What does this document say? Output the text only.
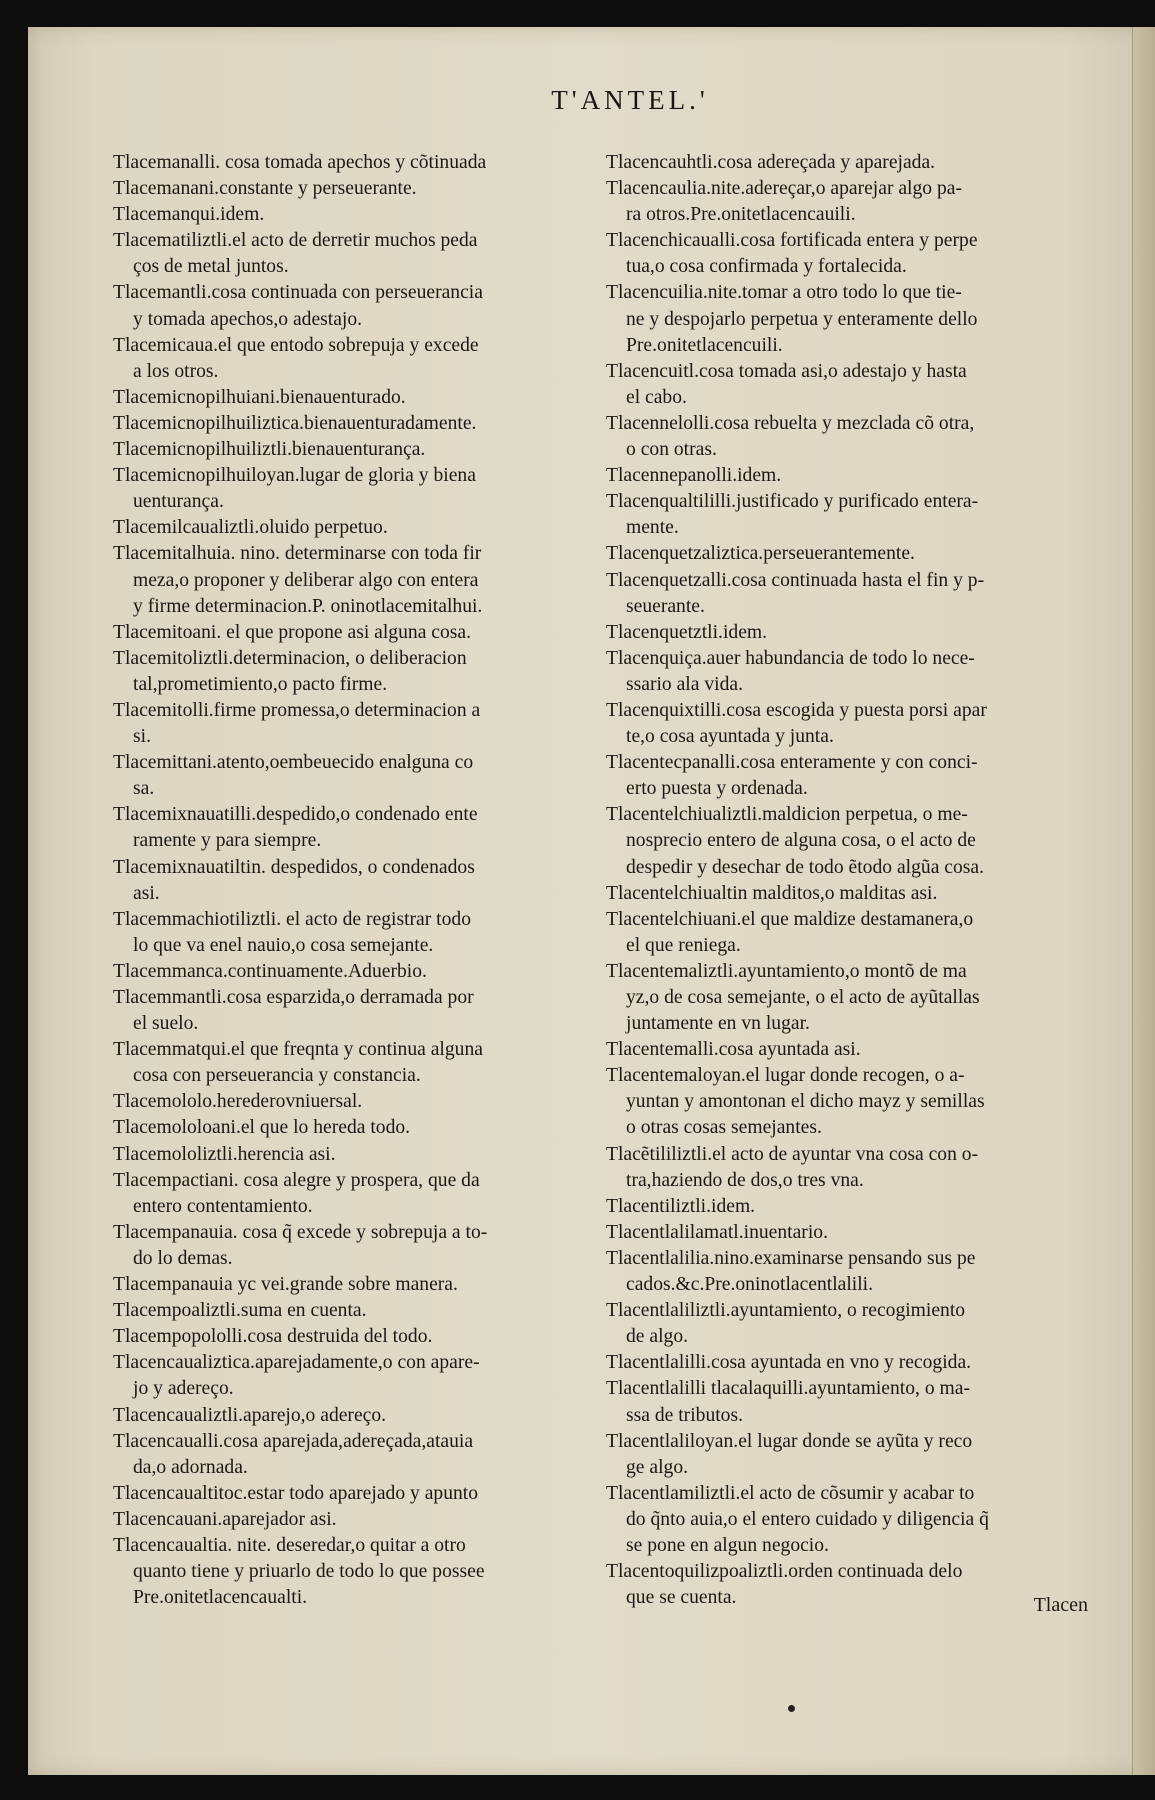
T'ANTEL.'
Tlacemanalli. cosa tomada apechos y cõtinuada
Tlacemanani.constante y perseuerante.
Tlacemanqui.idem.
Tlacematiliztli.el acto de derretir muchos peda
ços de metal juntos.
Tlacemantli.cosa continuada con perseuerancia
y tomada apechos,o adestajo.
Tlacemicaua.el que entodo sobrepuja y excede
a los otros.
Tlacemicnopilhuiani.bienauenturado.
Tlacemicnopilhuiliztica.bienauenturadamente.
Tlacemicnopilhuiliztli.bienauenturança.
Tlacemicnopilhuiloyan.lugar de gloria y biena
uenturança.
Tlacemilcaualiztli.oluido perpetuo.
Tlacemitalhuia. nino. determinarse con toda fir
meza,o proponer y deliberar algo con entera
y firme determinacion.P. oninotlacemitalhui.
Tlacemitoani. el que propone asi alguna cosa.
Tlacemitoliztli.determinacion, o deliberacion
tal,prometimiento,o pacto firme.
Tlacemitolli.firme promessa,o determinacion a
si.
Tlacemittani.atento,oembeuecido enalguna co
sa.
Tlacemixnauatilli.despedido,o condenado ente
ramente y para siempre.
Tlacemixnauatiltin. despedidos, o condenados
asi.
Tlacemmachiotiliztli. el acto de registrar todo
lo que va enel nauio,o cosa semejante.
Tlacemmanca.continuamente.Aduerbio.
Tlacemmantli.cosa esparzida,o derramada por
el suelo.
Tlacemmatqui.el que freqnta y continua alguna
cosa con perseuerancia y constancia.
Tlacemololo.herederovniuersal.
Tlacemololoani.el que lo hereda todo.
Tlacemololiztli.herencia asi.
Tlacempactiani. cosa alegre y prospera, que da
entero contentamiento.
Tlacempanauia. cosa q̃ excede y sobrepuja a to-
do lo demas.
Tlacempanauia yc vei.grande sobre manera.
Tlacempoaliztli.suma en cuenta.
Tlacempopololli.cosa destruida del todo.
Tlacencaualiztica.aparejadamente,o con apare-
jo y adereço.
Tlacencaualiztli.aparejo,o adereço.
Tlacencaualli.cosa aparejada,adereçada,atauia
da,o adornada.
Tlacencaualtitoc.estar todo aparejado y apunto
Tlacencauani.aparejador asi.
Tlacencaualtia. nite. deseredar,o quitar a otro
quanto tiene y priuarlo de todo lo que possee
Pre.onitetlacencaualti.
Tlacencauhtli.cosa adereçada y aparejada.
Tlacencaulia.nite.adereçar,o aparejar algo pa-
ra otros.Pre.onitetlacencauili.
Tlacenchicaualli.cosa fortificada entera y perpe
tua,o cosa confirmada y fortalecida.
Tlacencuilia.nite.tomar a otro todo lo que tie-
ne y despojarlo perpetua y enteramente dello
Pre.onitetlacencuili.
Tlacencuitl.cosa tomada asi,o adestajo y hasta
el cabo.
Tlacennelolli.cosa rebuelta y mezclada cõ otra,
o con otras.
Tlacennepanolli.idem.
Tlacenqualtililli.justificado y purificado entera-
mente.
Tlacenquetzaliztica.perseuerantemente.
Tlacenquetzalli.cosa continuada hasta el fin y p-
seuerante.
Tlacenquetztli.idem.
Tlacenquiça.auer habundancia de todo lo nece-
ssario ala vida.
Tlacenquixtilli.cosa escogida y puesta porsi apar
te,o cosa ayuntada y junta.
Tlacentecpanalli.cosa enteramente y con conci-
erto puesta y ordenada.
Tlacentelchiualiztli.maldicion perpetua, o me-
nosprecio entero de alguna cosa, o el acto de
despedir y desechar de todo ẽtodo algũa cosa.
Tlacentelchiualtin malditos,o malditas asi.
Tlacentelchiuani.el que maldize destamanera,o
el que reniega.
Tlacentemaliztli.ayuntamiento,o montõ de ma
yz,o de cosa semejante, o el acto de ayũtallas
juntamente en vn lugar.
Tlacentemalli.cosa ayuntada asi.
Tlacentemaloyan.el lugar donde recogen, o a-
yuntan y amontonan el dicho mayz y semillas
o otras cosas semejantes.
Tlacẽtililiztli.el acto de ayuntar vna cosa con o-
tra,haziendo de dos,o tres vna.
Tlacentiliztli.idem.
Tlacentlalilamatl.inuentario.
Tlacentlalilia.nino.examinarse pensando sus pe
cados.&c.Pre.oninotlacentlalili.
Tlacentlaliliztli.ayuntamiento, o recogimiento
de algo.
Tlacentlalilli.cosa ayuntada en vno y recogida.
Tlacentlalilli tlacalaquilli.ayuntamiento, o ma-
ssa de tributos.
Tlacentlaliloyan.el lugar donde se ayũta y reco
ge algo.
Tlacentlamiliztli.el acto de cõsumir y acabar to
do q̃nto auia,o el entero cuidado y diligencia q̃
se pone en algun negocio.
Tlacentoquilizpoaliztli.orden continuada delo
que se cuenta.	Tlacen
